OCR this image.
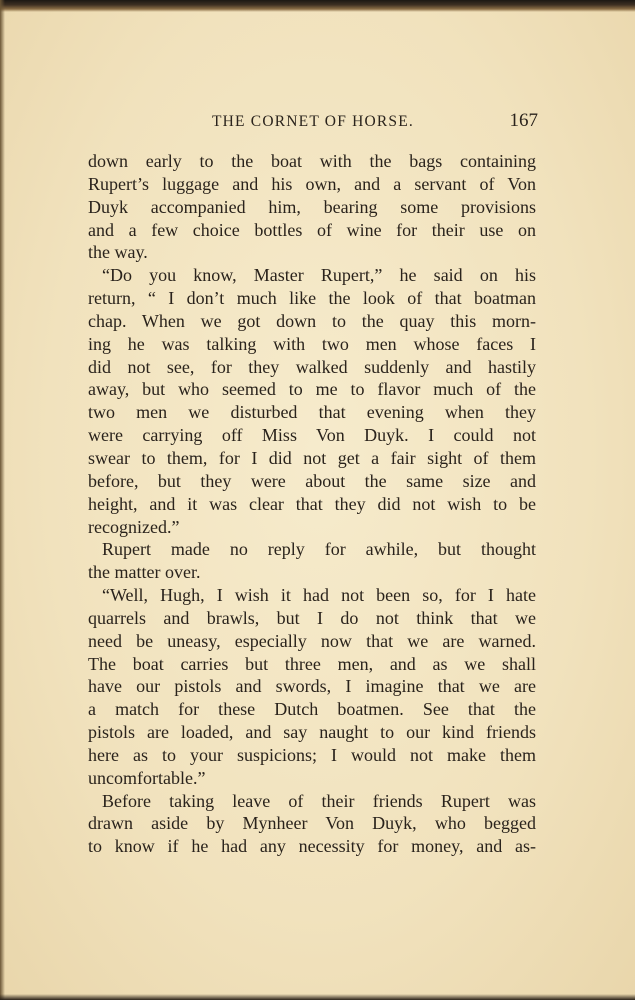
THE CORNET OF HORSE.	167
down early to the boat with the bags containing
Rupert’s luggage and his own, and a servant of Von
Duyk accompanied him, bearing some provisions
and a few choice bottles of wine for their use on
the way.
“Do you know, Master Rupert,” he said on his
return, “ I don’t much like the look of that boatman
chap. When we got down to the quay this morn-
ing he was talking with two men whose faces I
did not see, for they walked suddenly and hastily
away, but who seemed to me to flavor much of the
two men we disturbed that evening when they
were carrying off Miss Von Duyk. I could not
swear to them, for I did not get a fair sight of them
before, but they were about the same size and
height, and it was clear that they did not wish to be
recognized.”
Rupert made no reply for awhile, but thought
the matter over.
“Well, Hugh, I wish it had not been so, for I hate
quarrels and brawls, but I do not think that we
need be uneasy, especially now that we are warned.
The boat carries but three men, and as we shall
have our pistols and swords, I imagine that we are
a match for these Dutch boatmen. See that the
pistols are loaded, and say naught to our kind friends
here as to your suspicions; I would not make them
uncomfortable.”
Before taking leave of their friends Rupert was
drawn aside by Mynheer Von Duyk, who begged
to know if he had any necessity for money, and as-
